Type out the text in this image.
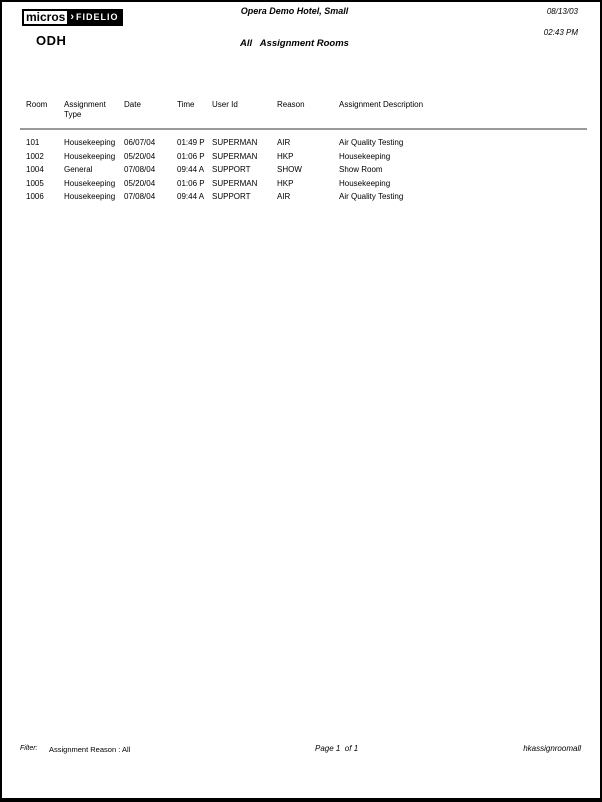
micros › FIDELIO
ODH
Opera Demo Hotel, Small
All   Assignment Rooms
08/13/03
02:43 PM
Room	Assignment Type	Date	Time	User Id	Reason	Assignment Description
101	Housekeeping	06/07/04	01:49 P	SUPERMAN	AIR	Air Quality Testing
1002	Housekeeping	05/20/04	01:06 P	SUPERMAN	HKP	Housekeeping
1004	General	07/08/04	09:44 A	SUPPORT	SHOW	Show Room
1005	Housekeeping	05/20/04	01:06 P	SUPERMAN	HKP	Housekeeping
1006	Housekeeping	07/08/04	09:44 A	SUPPORT	AIR	Air Quality Testing
Filter: Assignment Reason : All	Page 1  of 1	hkassignroomall
